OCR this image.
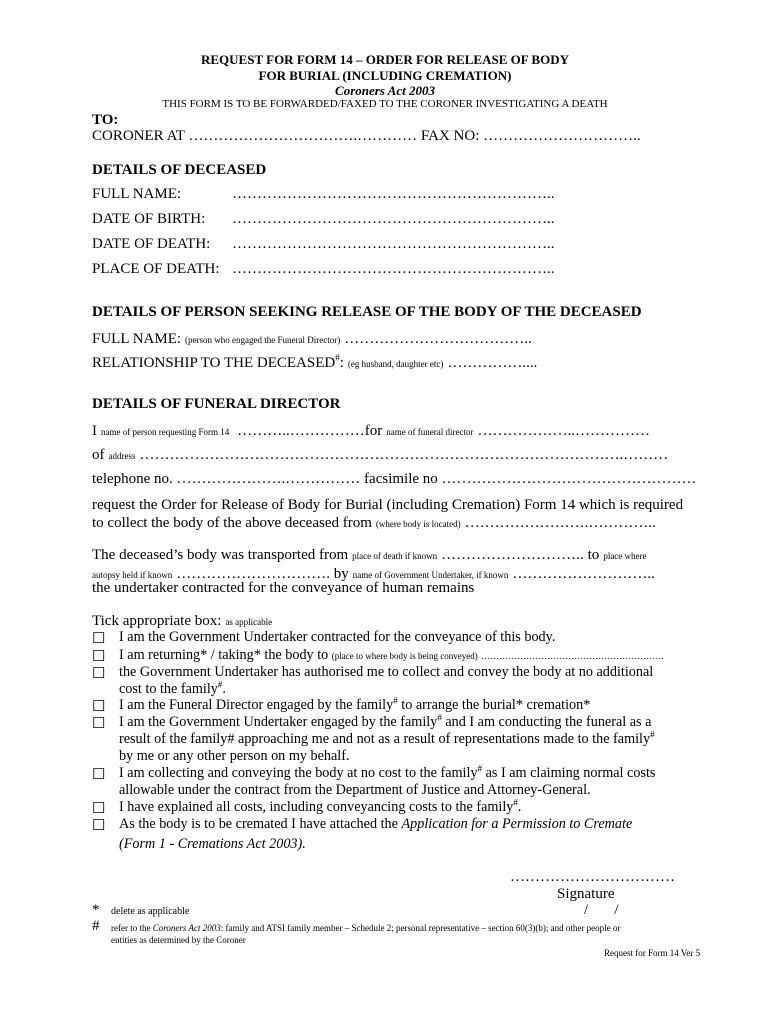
REQUEST FOR FORM 14 – ORDER FOR RELEASE OF BODY
FOR BURIAL (INCLUDING CREMATION)
Coroners Act 2003
THIS FORM IS TO BE FORWARDED/FAXED TO THE CORONER INVESTIGATING A DEATH
TO:
CORONER AT …………………………….………… FAX NO: …………………………..
DETAILS OF DECEASED
FULL NAME:	………………………………………………………..
DATE OF BIRTH: ………………………………………………………..
DATE OF DEATH: ………………………………………………………..
PLACE OF DEATH: ………………………………………………………..
DETAILS OF PERSON SEEKING RELEASE OF THE BODY OF THE DECEASED
FULL NAME: (person who engaged the Funeral Director) ………………………………..
RELATIONSHIP TO THE DECEASED#: (eg husband, daughter etc) ……………....
DETAILS OF FUNERAL DIRECTOR
I name of person requesting Form 14 ………..……………for name of funeral director ………………..……………
of address …………………………………………………………………………………….………
telephone no. ………………….…………… facsimile no ……………………………………………
request the Order for Release of Body for Burial (including Cremation) Form 14 which is required
to collect the body of the above deceased from (where body is located) …………………….…………..
The deceased’s body was transported from place of death if known ……………………….. to place where
autopsy held if known …………………………. by name of Government Undertaker, if known ………………………..
the undertaker contracted for the conveyance of human remains
Tick appropriate box: as applicable
☐ I am the Government Undertaker contracted for the conveyance of this body.
☐ I am returning* / taking* the body to (place to where body is being conveyed) …………………………………………………….
☐ the Government Undertaker has authorised me to collect and convey the body at no additional
cost to the family#.
☐ I am the Funeral Director engaged by the family# to arrange the burial* cremation*
☐ I am the Government Undertaker engaged by the family# and I am conducting the funeral as a
result of the family# approaching me and not as a result of representations made to the family#
by me or any other person on my behalf.
☐ I am collecting and conveying the body at no cost to the family# as I am claiming normal costs
allowable under the contract from the Department of Justice and Attorney-General.
☐ I have explained all costs, including conveyancing costs to the family#.
☐ As the body is to be cremated I have attached the Application for a Permission to Cremate
(Form 1 - Cremations Act 2003).
……………………………
Signature
/       /
* delete as applicable
# refer to the Coroners Act 2003: family and ATSI family member – Schedule 2; personal representative – section 60(3)(b); and other people or
entities as determined by the Coroner
Request for Form 14 Ver 5
